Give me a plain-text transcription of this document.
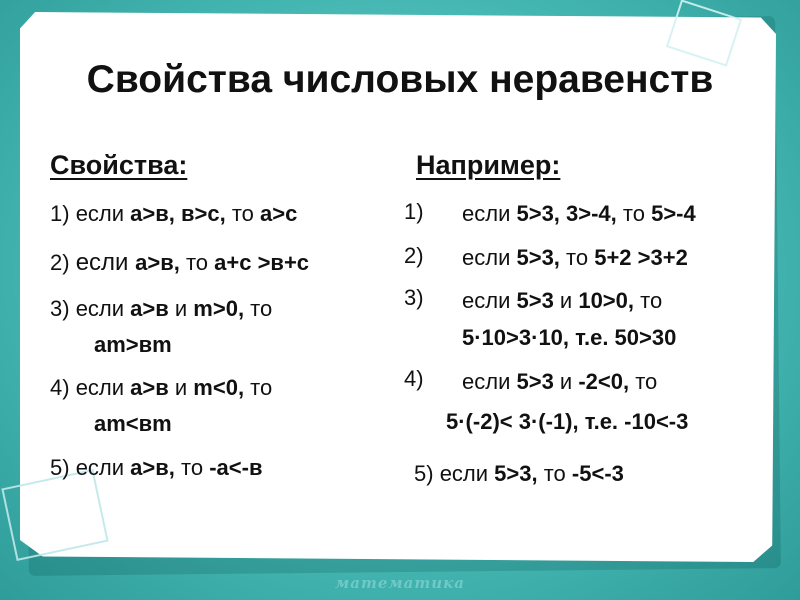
Свойства числовых неравенств
Свойства:
1) если a>в, в>с, то a>c
2) если a>в, то a+c >в+c
3) если a>в и m>0, то
am>вm
4) если a>в и m<0, то
am<вm
5) если a>в, то -a<-в
Например:
1) если 5>3, 3>-4, то 5>-4
2) если 5>3, то 5+2 >3+2
3) если 5>3 и 10>0, то
5·10>3·10, т.е. 50>30
4) если 5>3 и -2<0, то
5·(-2)< 3·(-1), т.е. -10<-3
5) если 5>3, то -5<-3
математика
